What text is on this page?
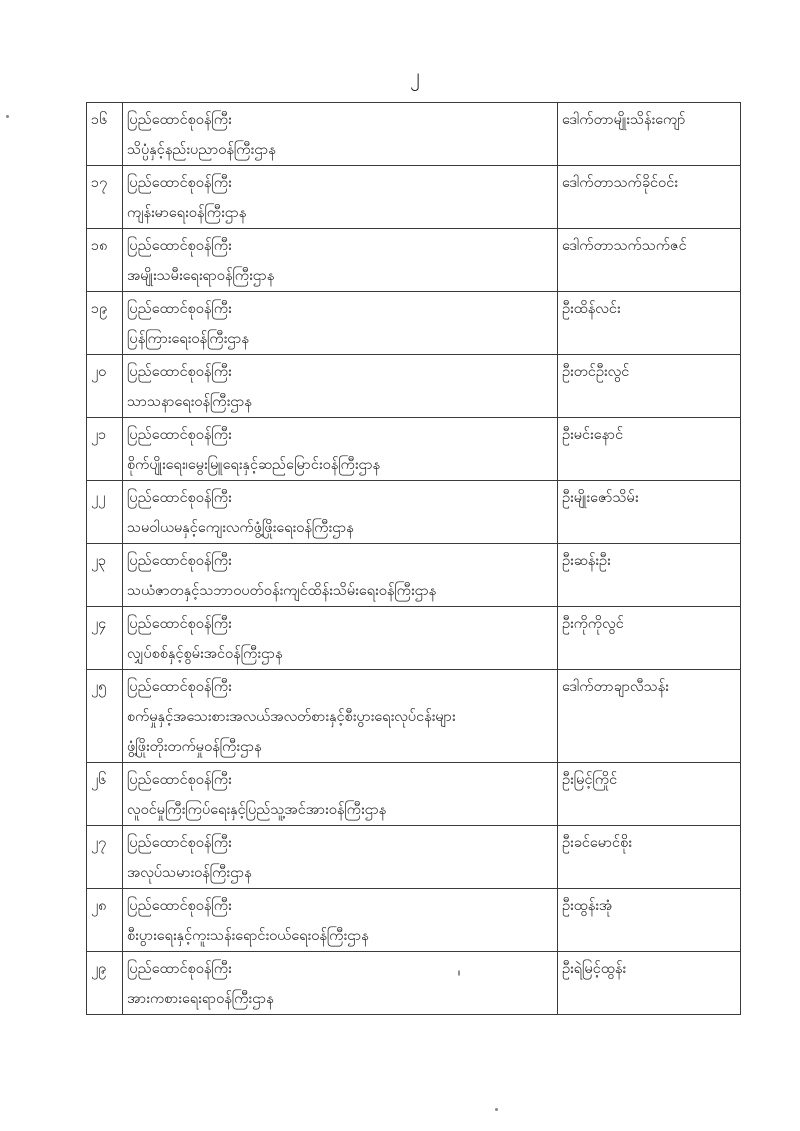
၂
၁၆	ပြည်ထောင်စုဝန်ကြီး
သိပ္ပံနှင့်နည်းပညာဝန်ကြီးဌာန	ဒေါက်တာမျိုးသိန်းကျော်
၁၇	ပြည်ထောင်စုဝန်ကြီး
ကျန်းမာရေးဝန်ကြီးဌာန	ဒေါက်တာသက်ခိုင်ဝင်း
၁၈	ပြည်ထောင်စုဝန်ကြီး
အမျိုးသမီးရေးရာဝန်ကြီးဌာန	ဒေါက်တာသက်သက်ဇင်
၁၉	ပြည်ထောင်စုဝန်ကြီး
ပြန်ကြားရေးဝန်ကြီးဌာန	ဦးထိန်လင်း
၂၀	ပြည်ထောင်စုဝန်ကြီး
သာသနာရေးဝန်ကြီးဌာန	ဦးတင်ဦးလွင်
၂၁	ပြည်ထောင်စုဝန်ကြီး
စိုက်ပျိုးရေး၊မွေးမြူရေးနှင့်ဆည်မြောင်းဝန်ကြီးဌာန	ဦးမင်းနောင်
၂၂	ပြည်ထောင်စုဝန်ကြီး
သမဝါယမနှင့်ကျေးလက်ဖွံ့ဖြိုးရေးဝန်ကြီးဌာန	ဦးမျိုးဇော်သိမ်း
၂၃	ပြည်ထောင်စုဝန်ကြီး
သယံဇာတနှင့်သဘာဝပတ်ဝန်းကျင်ထိန်းသိမ်းရေးဝန်ကြီးဌာန	ဦးဆန်းဦး
၂၄	ပြည်ထောင်စုဝန်ကြီး
လျှပ်စစ်နှင့်စွမ်းအင်ဝန်ကြီးဌာန	ဦးကိုကိုလွင်
၂၅	ပြည်ထောင်စုဝန်ကြီး
စက်မှုနှင့်အသေးစားအလယ်အလတ်စားနှင့်စီးပွားရေးလုပ်ငန်းများ
ဖွံ့ဖြိုးတိုးတက်မှုဝန်ကြီးဌာန	ဒေါက်တာချာလီသန်း
၂၆	ပြည်ထောင်စုဝန်ကြီး
လူဝင်မှုကြီးကြပ်ရေးနှင့်ပြည်သူ့အင်အားဝန်ကြီးဌာန	ဦးမြင့်ကြိုင်
၂၇	ပြည်ထောင်စုဝန်ကြီး
အလုပ်သမားဝန်ကြီးဌာန	ဦးခင်မောင်စိုး
၂၈	ပြည်ထောင်စုဝန်ကြီး
စီးပွားရေးနှင့်ကူးသန်းရောင်းဝယ်ရေးဝန်ကြီးဌာန	ဦးထွန်းအုံ
၂၉	ပြည်ထောင်စုဝန်ကြီး
အားကစားရေးရာဝန်ကြီးဌာန	ဦးရဲမြင့်ထွန်း
